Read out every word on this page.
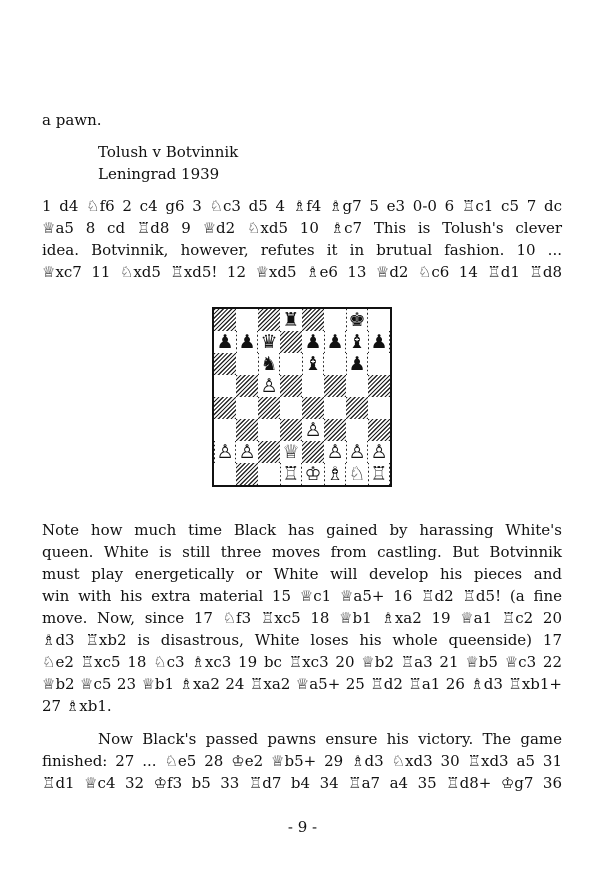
a pawn.
Tolush v Botvinnik
Leningrad 1939
1 d4 ♘f6 2 c4 g6 3 ♘c3 d5 4 ♗f4 ♗g7 5 e3 0-0 6 ♖c1 c5 7 dc
♕a5 8 cd ♖d8 9 ♕d2 ♘xd5 10 ♗c7 This is Tolush's clever
idea. Botvinnik, however, refutes it in brutual fashion. 10 ...
♕xc7 11 ♘xd5 ♖xd5! 12 ♕xd5 ♗e6 13 ♕d2 ♘c6 14 ♖d1 ♖d8
♜	♚
♟ ♟ ♛ ♟ ♟ ♝ ♟
♞ ♝ ♟
♙
♙
♙ ♙ ♕ ♙ ♙ ♙
♖ ♔ ♗ ♘ ♖
Note how much time Black has gained by harassing White's
queen. White is still three moves from castling. But Botvinnik
must play energetically or White will develop his pieces and
win with his extra material 15 ♕c1 ♕a5+ 16 ♖d2 ♖d5! (a fine
move. Now, since 17 ♘f3 ♖xc5 18 ♕b1 ♗xa2 19 ♕a1 ♖c2 20
♗d3 ♖xb2 is disastrous, White loses his whole queenside) 17
♘e2 ♖xc5 18 ♘c3 ♗xc3 19 bc ♖xc3 20 ♕b2 ♖a3 21 ♕b5 ♕c3 22
♕b2 ♕c5 23 ♕b1 ♗xa2 24 ♖xa2 ♕a5+ 25 ♖d2 ♖a1 26 ♗d3 ♖xb1+
27 ♗xb1.
Now Black's passed pawns ensure his victory. The game
finished: 27 ... ♘e5 28 ♔e2 ♕b5+ 29 ♗d3 ♘xd3 30 ♖xd3 a5 31
♖d1 ♕c4 32 ♔f3 b5 33 ♖d7 b4 34 ♖a7 a4 35 ♖d8+ ♔g7 36
- 9 -
